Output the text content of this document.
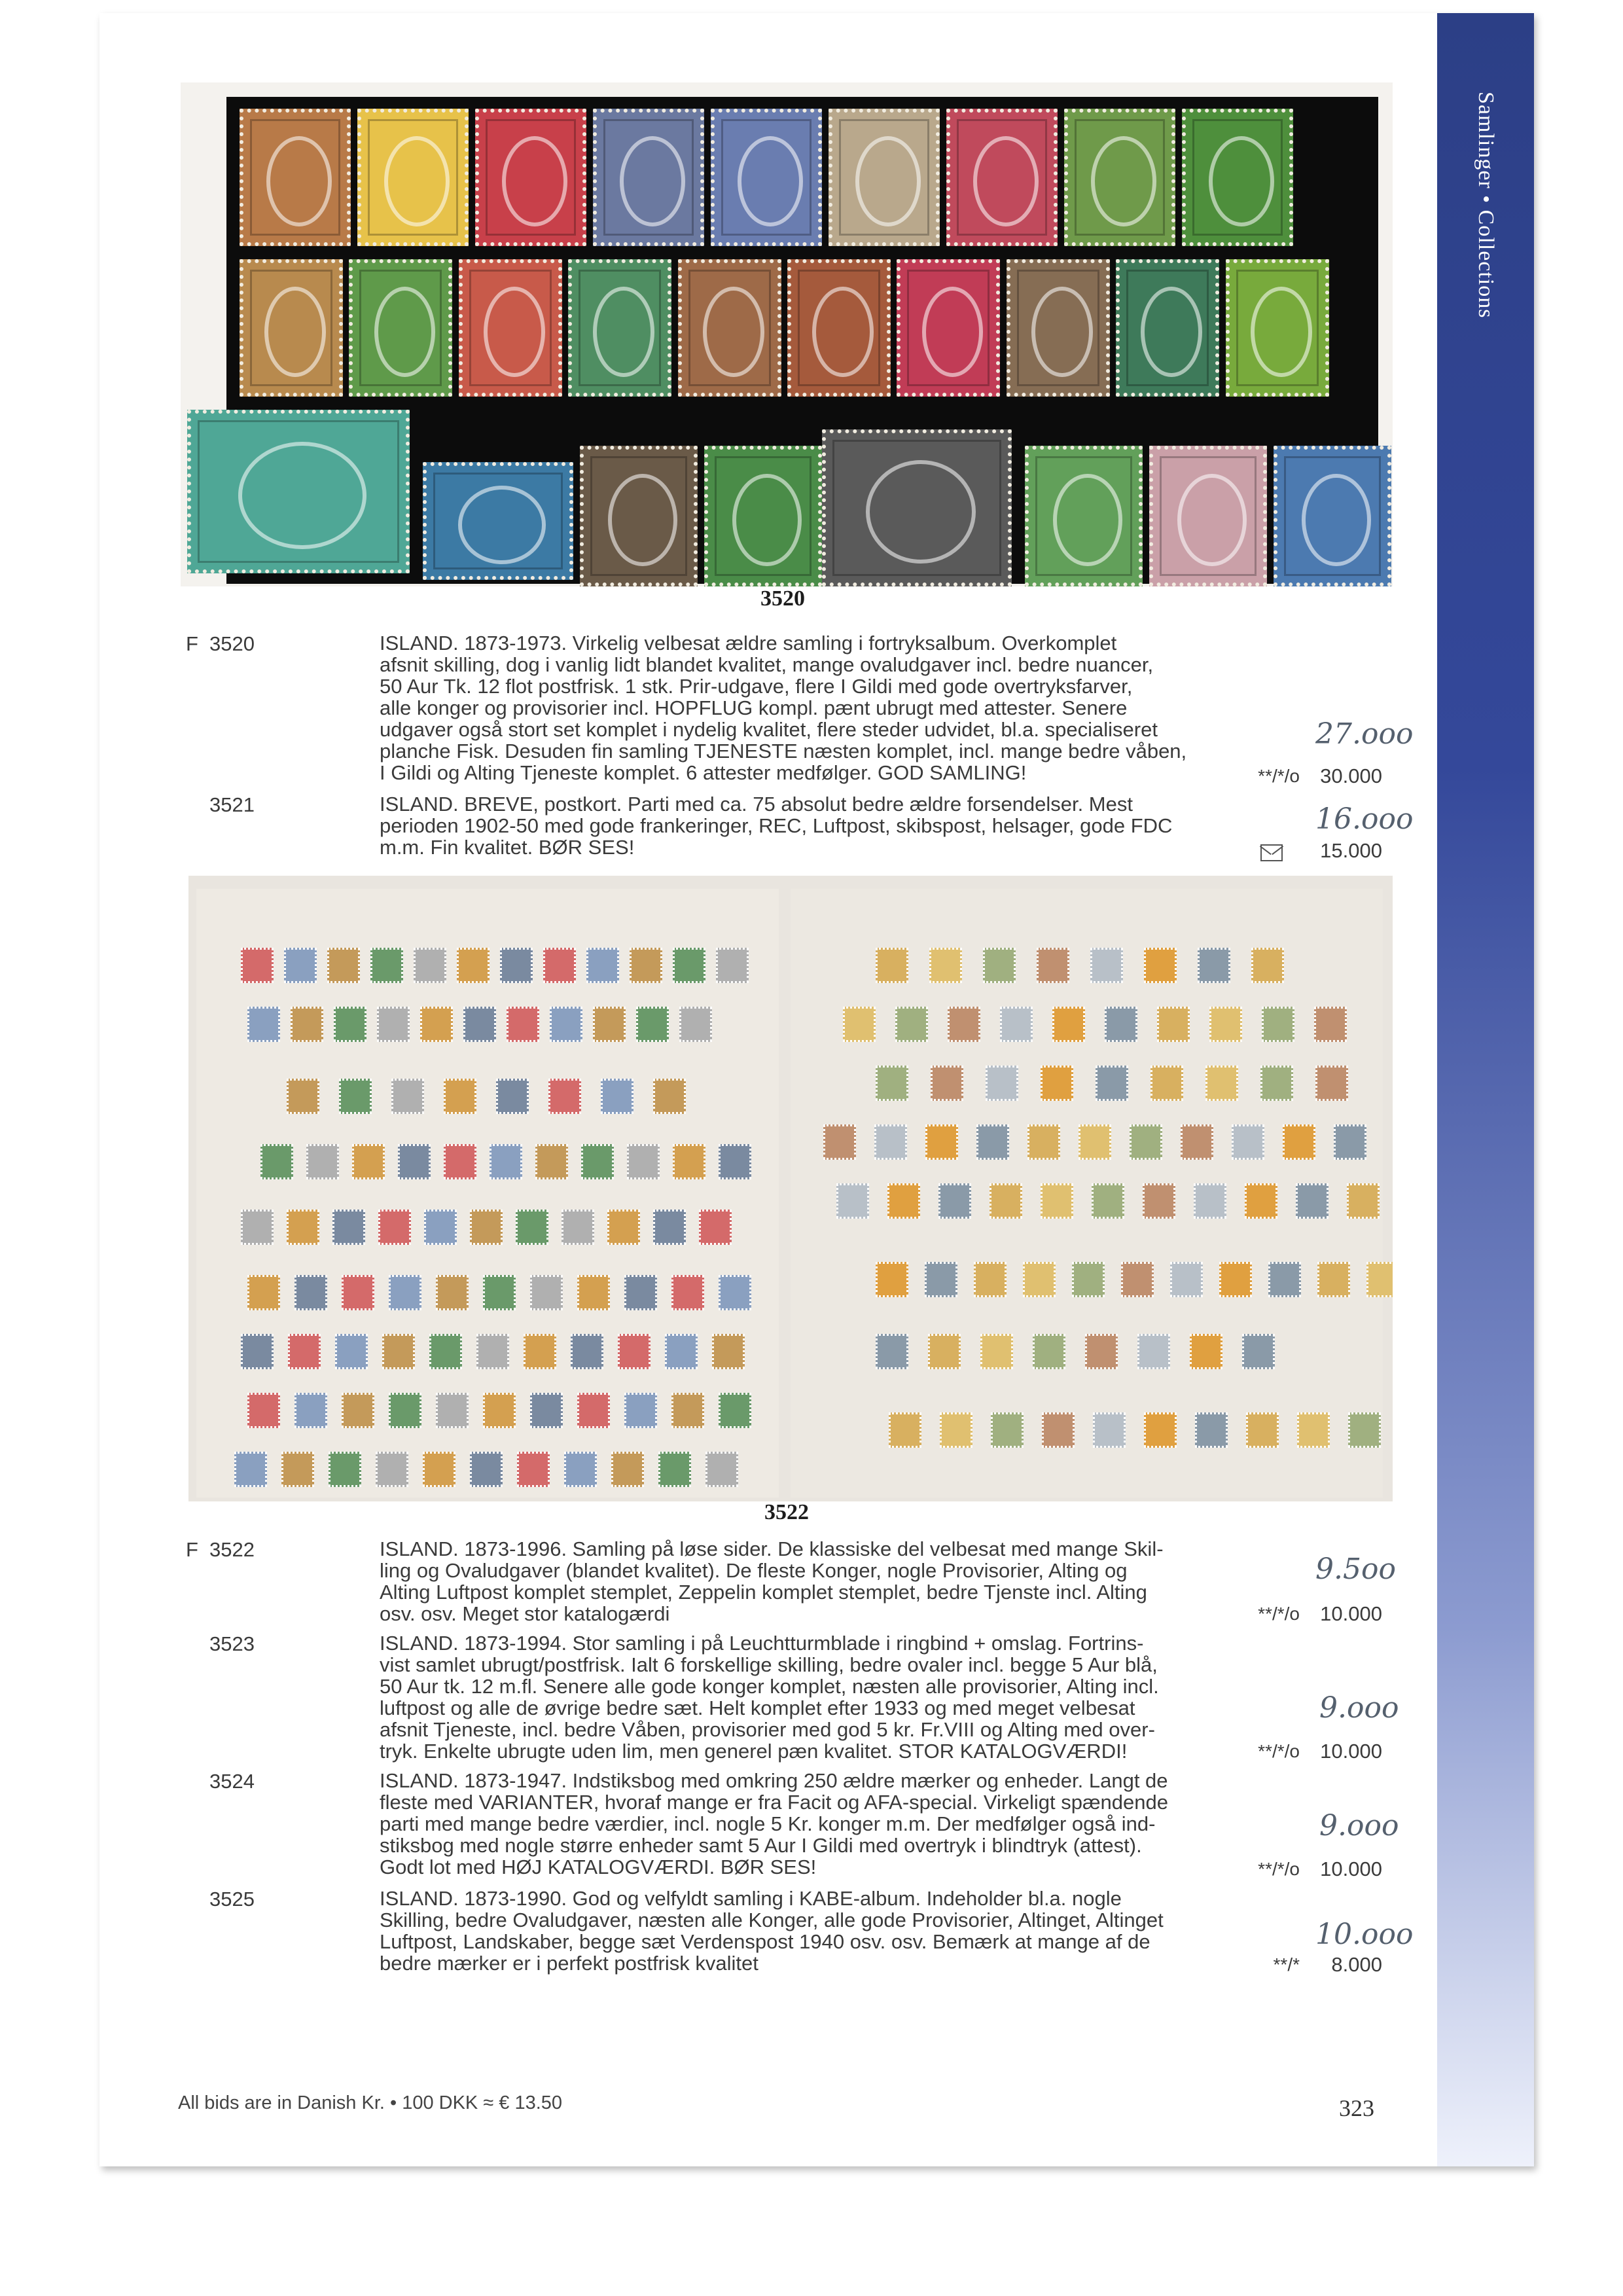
Samlinger • Collections
3520
F 3520	ISLAND. 1873-1973. Virkelig velbesat ældre samling i fortryksalbum. Overkomplet
afsnit skilling, dog i vanlig lidt blandet kvalitet, mange ovaludgaver incl. bedre nuancer,
50 Aur Tk. 12 flot postfrisk. 1 stk. Prir-udgave, flere I Gildi med gode overtryksfarver,
alle konger og provisorier incl. HOPFLUG kompl. pænt ubrugt med attester. Senere
udgaver også stort set komplet i nydelig kvalitet, flere steder udvidet, bl.a. specialiseret
planche Fisk. Desuden fin samling TJENESTE næsten komplet, incl. mange bedre våben,
I Gildi og Alting Tjeneste komplet. 6 attester medfølger. GOD SAMLING!
27.ooo
**/*/o	30.000
3521	ISLAND. BREVE, postkort. Parti med ca. 75 absolut bedre ældre forsendelser. Mest
perioden 1902-50 med gode frankeringer, REC, Luftpost, skibspost, helsager, gode FDC
m.m. Fin kvalitet. BØR SES!
16.ooo
15.000
3522
F 3522	ISLAND. 1873-1996. Samling på løse sider. De klassiske del velbesat med mange Skil-
ling og Ovaludgaver (blandet kvalitet). De fleste Konger, nogle Provisorier, Alting og
Alting Luftpost komplet stemplet, Zeppelin komplet stemplet, bedre Tjenste incl. Alting
osv. osv. Meget stor katalogærdi
9.5oo
**/*/o	10.000
3523	ISLAND. 1873-1994. Stor samling i på Leuchtturmblade i ringbind + omslag. Fortrins-
vist samlet ubrugt/postfrisk. Ialt 6 forskellige skilling, bedre ovaler incl. begge 5 Aur blå,
50 Aur tk. 12 m.fl. Senere alle gode konger komplet, næsten alle provisorier, Alting incl.
luftpost og alle de øvrige bedre sæt. Helt komplet efter 1933 og med meget velbesat
afsnit Tjeneste, incl. bedre Våben, provisorier med god 5 kr. Fr.VIII og Alting med over-
tryk. Enkelte ubrugte uden lim, men generel pæn kvalitet. STOR KATALOGVÆRDI!
9.ooo
**/*/o	10.000
3524	ISLAND. 1873-1947. Indstiksbog med omkring 250 ældre mærker og enheder. Langt de
fleste med VARIANTER, hvoraf mange er fra Facit og AFA-special. Virkeligt spændende
parti med mange bedre værdier, incl. nogle 5 Kr. konger m.m. Der medfølger også ind-
stiksbog med nogle større enheder samt 5 Aur I Gildi med overtryk i blindtryk (attest).
Godt lot med HØJ KATALOGVÆRDI. BØR SES!
9.ooo
**/*/o	10.000
3525	ISLAND. 1873-1990. God og velfyldt samling i KABE-album. Indeholder bl.a. nogle
Skilling, bedre Ovaludgaver, næsten alle Konger, alle gode Provisorier, Altinget, Altinget
Luftpost, Landskaber, begge sæt Verdenspost 1940 osv. osv. Bemærk at mange af de
bedre mærker er i perfekt postfrisk kvalitet
10.ooo
**/*	8.000
All bids are in Danish Kr. • 100 DKK ≈ € 13.50	323
